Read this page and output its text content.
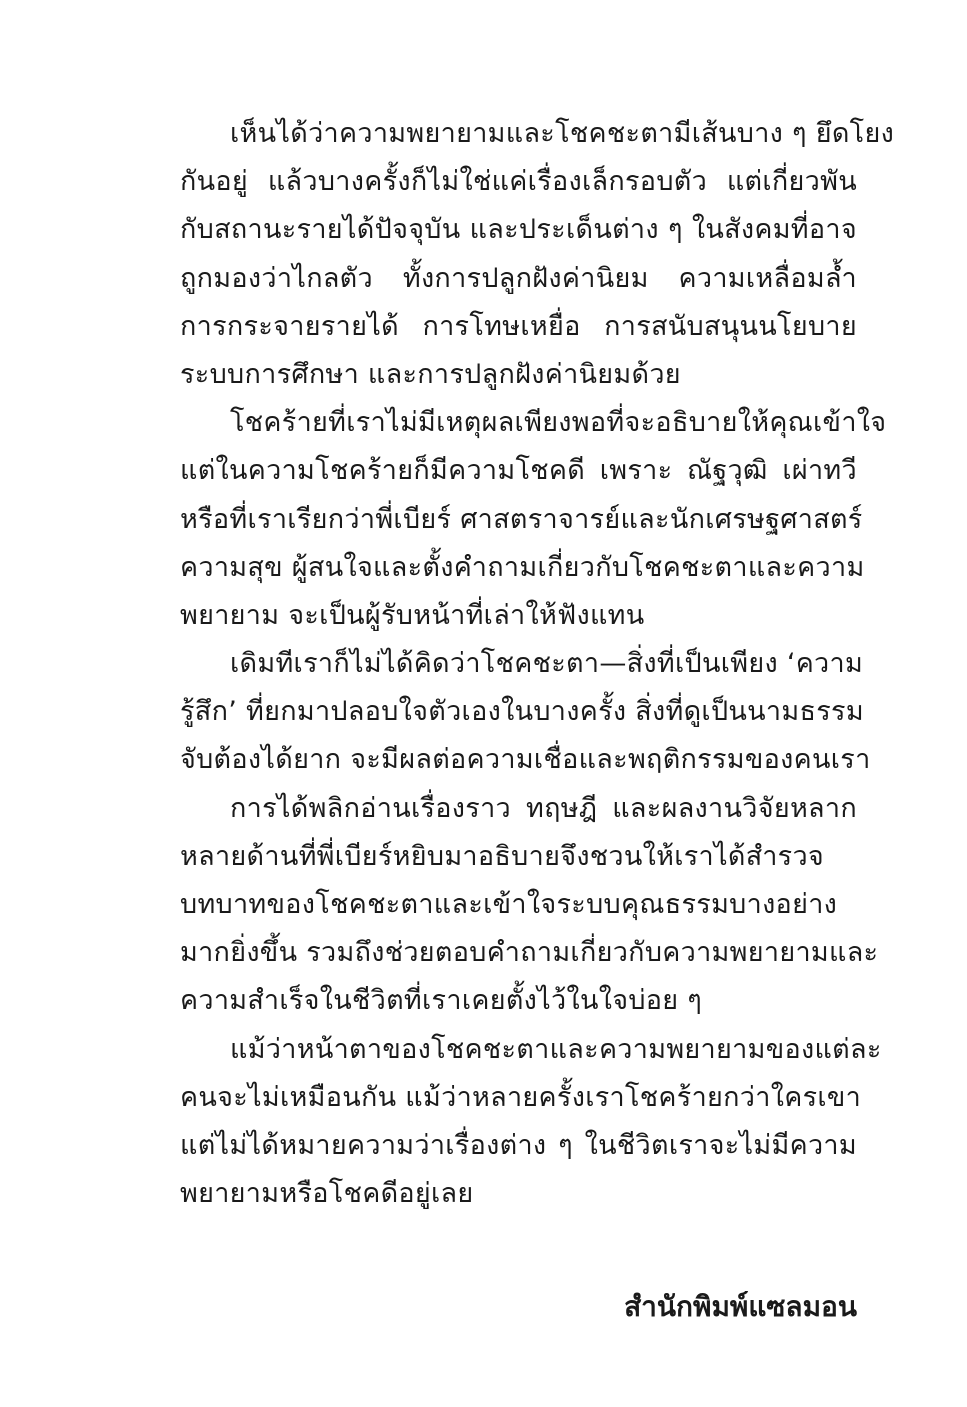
เห็นได้ว่าความพยายามและโชคชะตามีเส้นบาง ๆ ยึดโยง
กันอยู่ แล้วบางครั้งก็ไม่ใช่แค่เรื่องเล็กรอบตัว แต่เกี่ยวพัน
กับสถานะรายได้ปัจจุบัน และประเด็นต่าง ๆ ในสังคมที่อาจ
ถูกมองว่าไกลตัว ทั้งการปลูกฝังค่านิยม ความเหลื่อมล้ำ
การกระจายรายได้ การโทษเหยื่อ การสนับสนุนนโยบาย
ระบบการศึกษา และการปลูกฝังค่านิยมด้วย

โชคร้ายที่เราไม่มีเหตุผลเพียงพอที่จะอธิบายให้คุณเข้าใจ
แต่ในความโชคร้ายก็มีความโชคดี เพราะ ณัฐวุฒิ เผ่าทวี
หรือที่เราเรียกว่าพี่เบียร์ ศาสตราจารย์และนักเศรษฐศาสตร์
ความสุข ผู้สนใจและตั้งคำถามเกี่ยวกับโชคชะตาและความ
พยายาม จะเป็นผู้รับหน้าที่เล่าให้ฟังแทน

เดิมทีเราก็ไม่ได้คิดว่าโชคชะตา—สิ่งที่เป็นเพียง ‘ความ
รู้สึก’ ที่ยกมาปลอบใจตัวเองในบางครั้ง สิ่งที่ดูเป็นนามธรรม
จับต้องได้ยาก จะมีผลต่อความเชื่อและพฤติกรรมของคนเรา

การได้พลิกอ่านเรื่องราว ทฤษฎี และผลงานวิจัยหลาก
หลายด้านที่พี่เบียร์หยิบมาอธิบายจึงชวนให้เราได้สำรวจ
บทบาทของโชคชะตาและเข้าใจระบบคุณธรรมบางอย่าง
มากยิ่งขึ้น รวมถึงช่วยตอบคำถามเกี่ยวกับความพยายามและ
ความสำเร็จในชีวิตที่เราเคยตั้งไว้ในใจบ่อย ๆ

แม้ว่าหน้าตาของโชคชะตาและความพยายามของแต่ละ
คนจะไม่เหมือนกัน แม้ว่าหลายครั้งเราโชคร้ายกว่าใครเขา
แต่ไม่ได้หมายความว่าเรื่องต่าง ๆ ในชีวิตเราจะไม่มีความ
พยายามหรือโชคดีอยู่เลย

สำนักพิมพ์แซลมอน
